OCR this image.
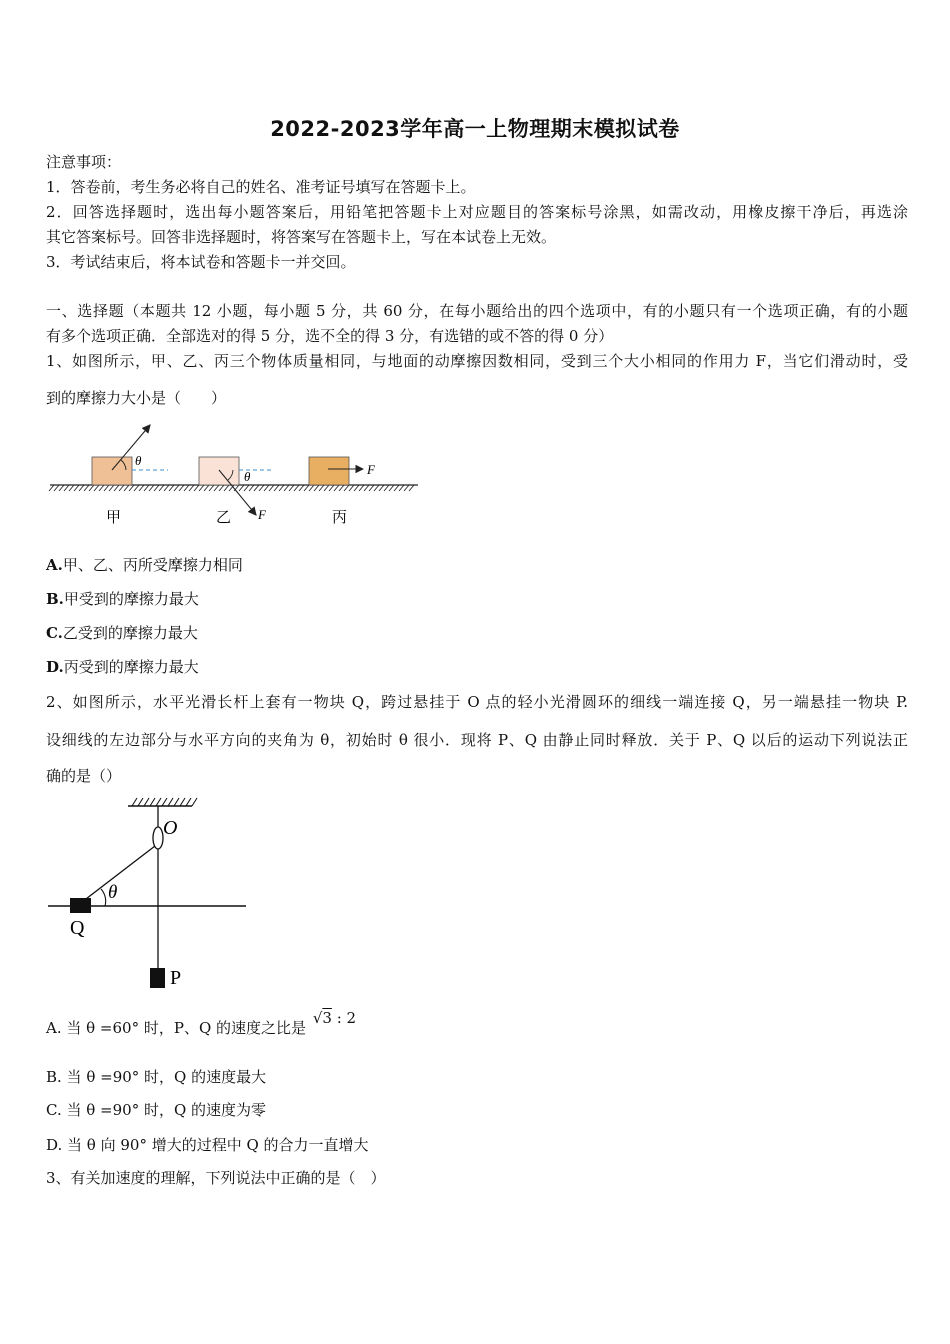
2022-2023学年高一上物理期末模拟试卷
注意事项：
1．答卷前，考生务必将自己的姓名、准考证号填写在答题卡上。
2．回答选择题时，选出每小题答案后，用铅笔把答题卡上对应题目的答案标号涂黑，如需改动，用橡皮擦干净后，再选涂
其它答案标号。回答非选择题时，将答案写在答题卡上，写在本试卷上无效。
3．考试结束后，将本试卷和答题卡一并交回。
一、选择题（本题共 12 小题，每小题 5 分，共 60 分，在每小题给出的四个选项中，有的小题只有一个选项正确，有的小题
有多个选项正确．全部选对的得 5 分，选不全的得 3 分，有选错的或不答的得 0 分）
1、如图所示，甲、乙、丙三个物体质量相同，与地面的动摩擦因数相同，受到三个大小相同的作用力 F，当它们滑动时，受
到的摩擦力大小是（　　）
θ
θ
F
F
甲	乙	丙
A.甲、乙、丙所受摩擦力相同
B.甲受到的摩擦力最大
C.乙受到的摩擦力最大
D.丙受到的摩擦力最大
2、如图所示，水平光滑长杆上套有一物块 Q，跨过悬挂于 O 点的轻小光滑圆环的细线一端连接 Q，另一端悬挂一物块 P.
设细线的左边部分与水平方向的夹角为 θ，初始时 θ 很小．现将 P、Q 由静止同时释放．关于 P、Q 以后的运动下列说法正
确的是（）
O
θ
Q
P
A. 当 θ =60° 时，P、Q 的速度之比是 √3 : 2
B. 当 θ =90° 时，Q 的速度最大
C. 当 θ =90° 时，Q 的速度为零
D. 当 θ 向 90° 增大的过程中 Q 的合力一直增大
3、有关加速度的理解，下列说法中正确的是（　）
